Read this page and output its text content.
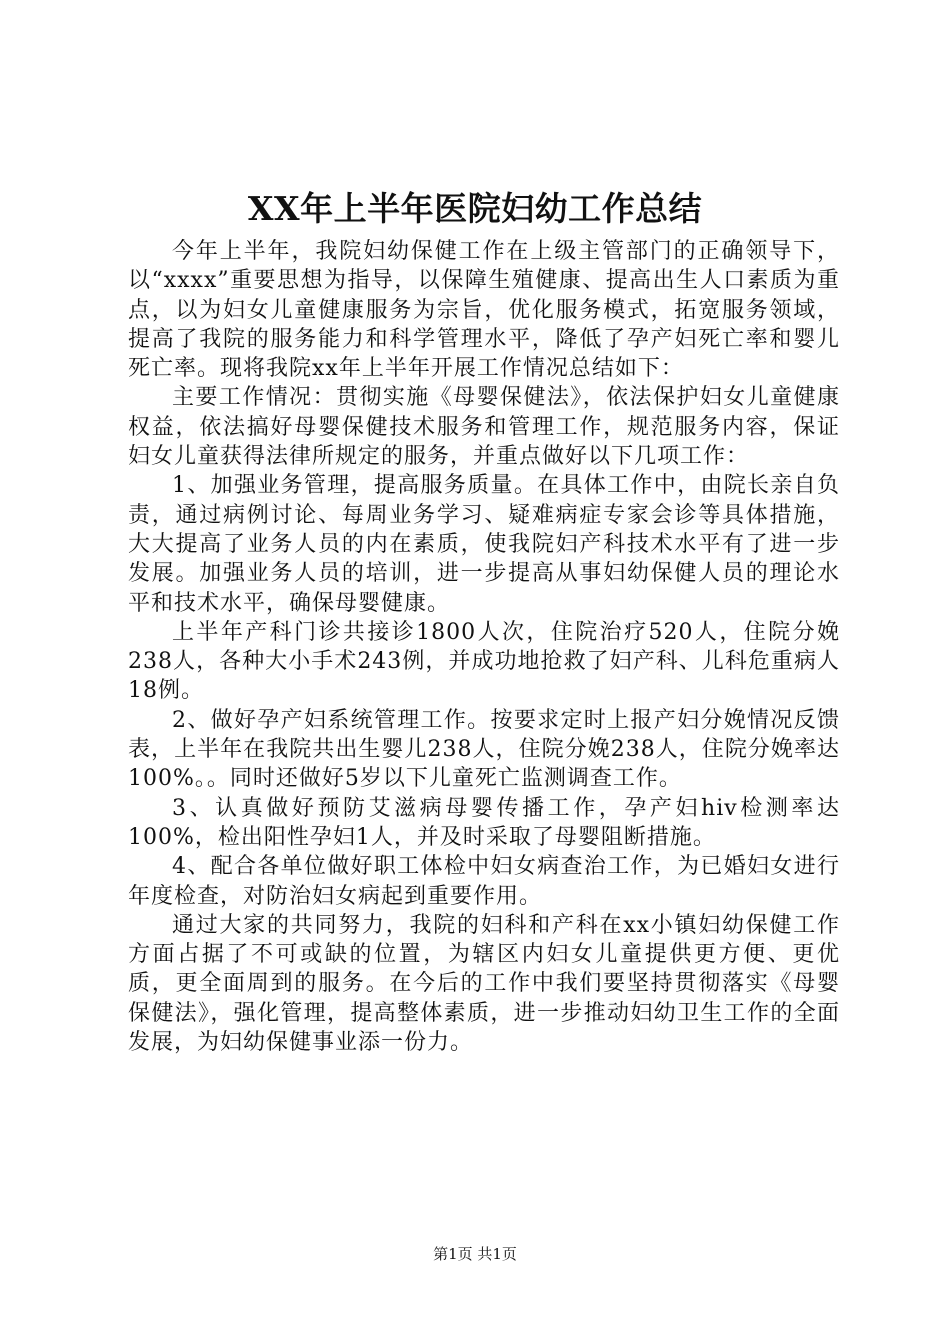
XX年上半年医院妇幼工作总结

今年上半年，我院妇幼保健工作在上级主管部门的正确领导下，以“xxxx”重要思想为指导，以保障生殖健康、提高出生人口素质为重点，以为妇女儿童健康服务为宗旨，优化服务模式，拓宽服务领域，提高了我院的服务能力和科学管理水平，降低了孕产妇死亡率和婴儿死亡率。现将我院xx年上半年开展工作情况总结如下：

主要工作情况：贯彻实施《母婴保健法》，依法保护妇女儿童健康权益，依法搞好母婴保健技术服务和管理工作，规范服务内容，保证妇女儿童获得法律所规定的服务，并重点做好以下几项工作：

1、加强业务管理，提高服务质量。在具体工作中，由院长亲自负责，通过病例讨论、每周业务学习、疑难病症专家会诊等具体措施，大大提高了业务人员的内在素质，使我院妇产科技术水平有了进一步发展。加强业务人员的培训，进一步提高从事妇幼保健人员的理论水平和技术水平，确保母婴健康。

上半年产科门诊共接诊1800人次，住院治疗520人，住院分娩238人，各种大小手术243例，并成功地抢救了妇产科、儿科危重病人18例。

2、做好孕产妇系统管理工作。按要求定时上报产妇分娩情况反馈表，上半年在我院共出生婴儿238人，住院分娩238人，住院分娩率达100%。。同时还做好5岁以下儿童死亡监测调查工作。

3、认真做好预防艾滋病母婴传播工作，孕产妇hiv检测率达100%，检出阳性孕妇1人，并及时采取了母婴阻断措施。

4、配合各单位做好职工体检中妇女病查治工作，为已婚妇女进行年度检查，对防治妇女病起到重要作用。

通过大家的共同努力，我院的妇科和产科在xx小镇妇幼保健工作方面占据了不可或缺的位置，为辖区内妇女儿童提供更方便、更优质，更全面周到的服务。在今后的工作中我们要坚持贯彻落实《母婴保健法》，强化管理，提高整体素质，进一步推动妇幼卫生工作的全面发展，为妇幼保健事业添一份力。

第1页 共1页
